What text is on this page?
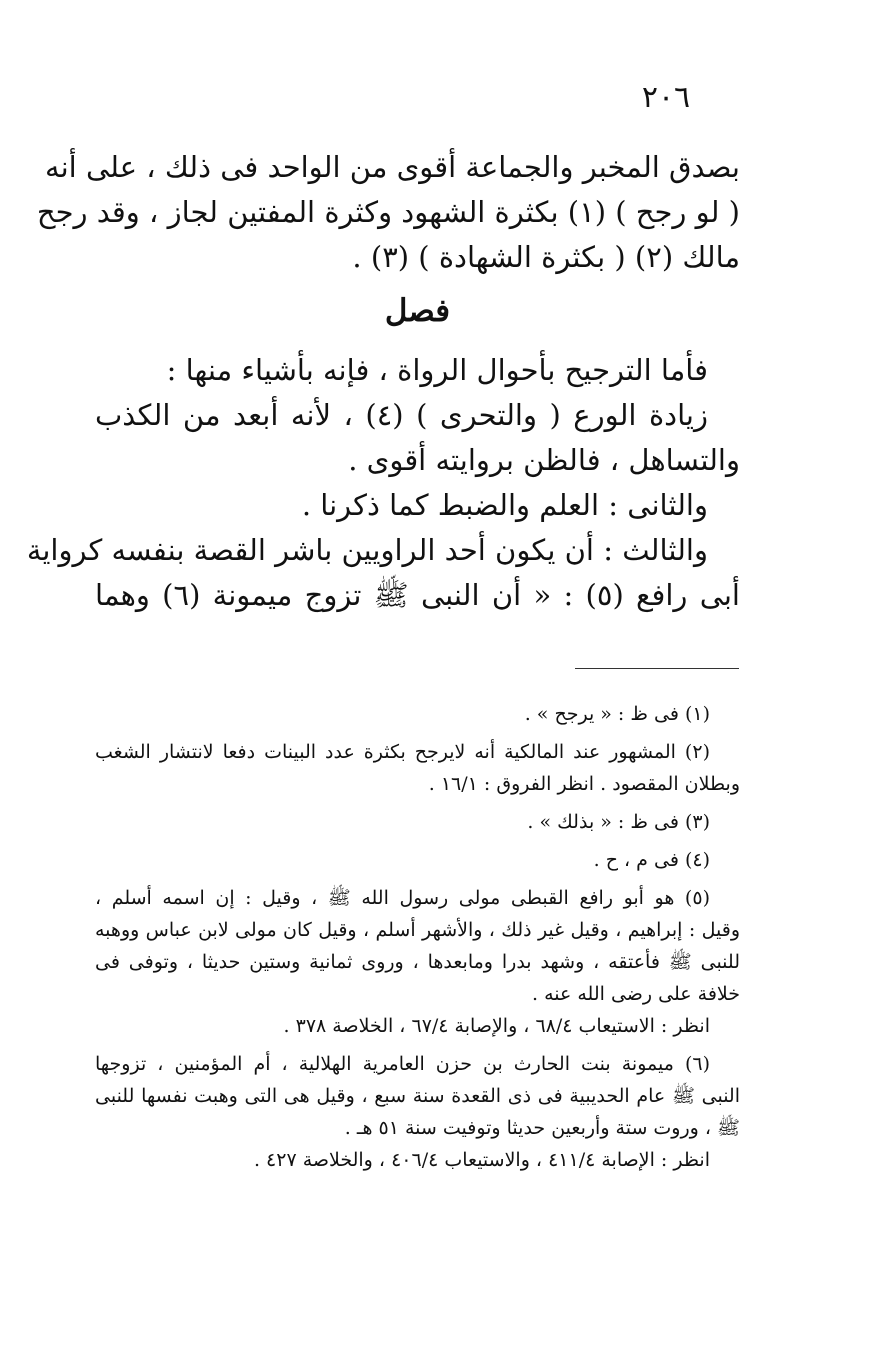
٢٠٦
بصدق المخبر والجماعة أقوى من الواحد فى ذلك ، على أنه
( لو رجح ) (١) بكثرة الشهود وكثرة المفتين لجاز ، وقد رجح
مالك (٢) ( بكثرة الشهادة ) (٣) .
فصل
فأما الترجيح بأحوال الرواة ، فإنه بأشياء منها :
زيادة الورع ( والتحرى ) (٤) ، لأنه أبعد من الكذب
والتساهل ، فالظن بروايته أقوى .
والثانى : العلم والضبط كما ذكرنا .
والثالث : أن يكون أحد الراويين باشر القصة بنفسه كرواية
أبى رافع (٥) : « أن النبى ﷺ تزوج ميمونة (٦) وهما
(١) فى ظ : « يرجح » .
(٢) المشهور عند المالكية أنه لايرجح بكثرة عدد البينات دفعا لانتشار الشغب
وبطلان المقصود . انظر الفروق : ١٦/١ .
(٣) فى ظ : « بذلك » .
(٤) فى م ، ح .
(٥) هو أبو رافع القبطى مولى رسول الله ﷺ ، وقيل : إن اسمه أسلم ،
وقيل : إبراهيم ، وقيل غير ذلك ، والأشهر أسلم ، وقيل كان مولى لابن عباس ووهبه
للنبى ﷺ فأعتقه ، وشهد بدرا ومابعدها ، وروى ثمانية وستين حديثا ، وتوفى فى
خلافة على رضى الله عنه .
انظر : الاستيعاب ٦٨/٤ ، والإصابة ٦٧/٤ ، الخلاصة ٣٧٨ .
(٦) ميمونة بنت الحارث بن حزن العامرية الهلالية ، أم المؤمنين ، تزوجها
النبى ﷺ عام الحديبية فى ذى القعدة سنة سبع ، وقيل هى التى وهبت نفسها للنبى
ﷺ ، وروت ستة وأربعين حديثا وتوفيت سنة ٥١ هـ .
انظر : الإصابة ٤١١/٤ ، والاستيعاب ٤٠٦/٤ ، والخلاصة ٤٢٧ .
